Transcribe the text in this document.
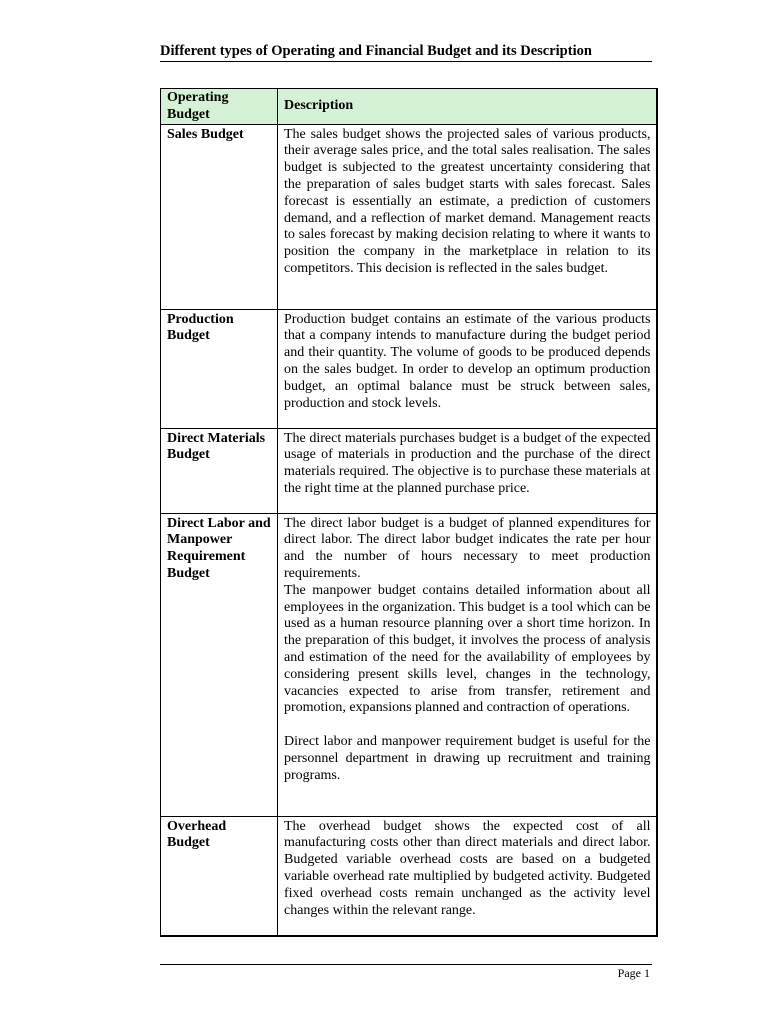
Different types of Operating and Financial Budget and its Description
Operating Budget	Description
Sales Budget	The sales budget shows the projected sales of various products, their average sales price, and the total sales realisation. The sales budget is subjected to the greatest uncertainty considering that the preparation of sales budget starts with sales forecast. Sales forecast is essentially an estimate, a prediction of customers demand, and a reflection of market demand. Management reacts to sales forecast by making decision relating to where it wants to position the company in the marketplace in relation to its competitors. This decision is reflected in the sales budget.

Production Budget	Production budget contains an estimate of the various products that a company intends to manufacture during the budget period and their quantity. The volume of goods to be produced depends on the sales budget. In order to develop an optimum production budget, an optimal balance must be struck between sales, production and stock levels.

Direct Materials Budget	The direct materials purchases budget is a budget of the expected usage of materials in production and the purchase of the direct materials required. The objective is to purchase these materials at the right time at the planned purchase price.

Direct Labor and Manpower Requirement Budget	The direct labor budget is a budget of planned expenditures for direct labor. The direct labor budget indicates the rate per hour and the number of hours necessary to meet production requirements.

The manpower budget contains detailed information about all employees in the organization. This budget is a tool which can be used as a human resource planning over a short time horizon. In the preparation of this budget, it involves the process of analysis and estimation of the need for the availability of employees by considering present skills level, changes in the technology, vacancies expected to arise from transfer, retirement and promotion, expansions planned and contraction of operations.

Direct labor and manpower requirement budget is useful for the personnel department in drawing up recruitment and training programs.

Overhead Budget	The overhead budget shows the expected cost of all manufacturing costs other than direct materials and direct labor. Budgeted variable overhead costs are based on a budgeted variable overhead rate multiplied by budgeted activity. Budgeted fixed overhead costs remain unchanged as the activity level changes within the relevant range.

Page 1
